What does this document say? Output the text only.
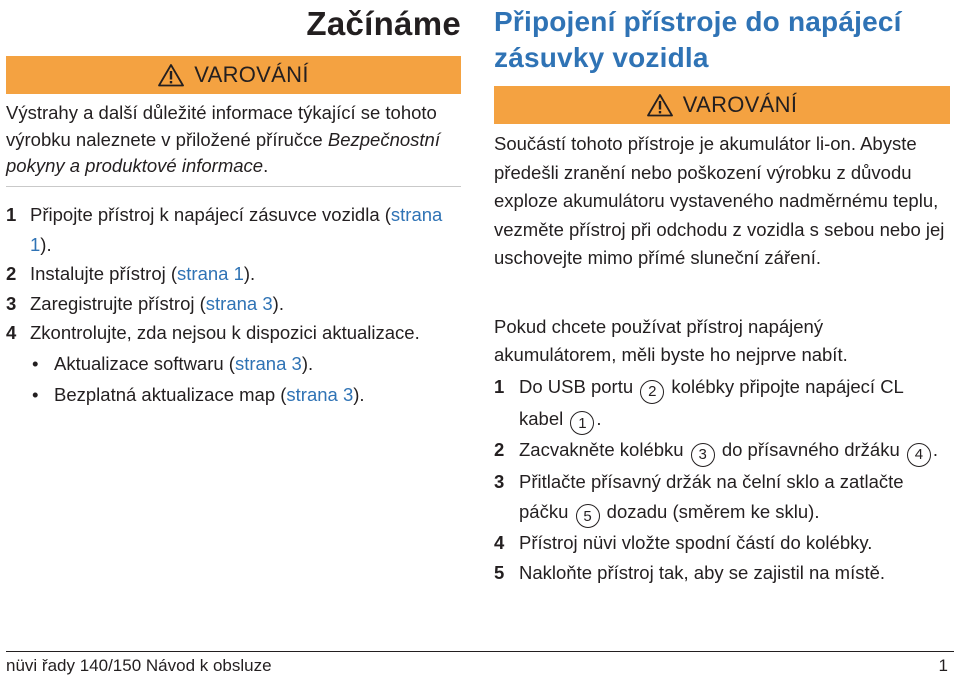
Začínáme
VAROVÁNÍ

Výstrahy a další důležité informace týkající se tohoto výrobku naleznete v přiložené příručce Bezpečnostní pokyny a produktové informace.

1 Připojte přístroj k napájecí zásuvce vozidla (strana 1).
2 Instalujte přístroj (strana 1).
3 Zaregistrujte přístroj (strana 3).
4 Zkontrolujte, zda nejsou k dispozici aktualizace.
• Aktualizace softwaru (strana 3).
• Bezplatná aktualizace map (strana 3).
Připojení přístroje do napájecí zásuvky vozidla
VAROVÁNÍ

Součástí tohoto přístroje je akumulátor li-on. Abyste předešli zranění nebo poškození výrobku z důvodu exploze akumulátoru vystaveného nadměrnému teplu, vezměte přístroj při odchodu z vozidla s sebou nebo jej uschovejte mimo přímé sluneční záření.

Pokud chcete používat přístroj napájený akumulátorem, měli byste ho nejprve nabít.

1 Do USB portu 2 kolébky připojte napájecí CL kabel 1 .
2 Zacvakněte kolébku 3 do přísavného držáku 4 .
3 Přitlačte přísavný držák na čelní sklo a zatlačte páčku 5 dozadu (směrem ke sklu).
4 Přístroj nüvi vložte spodní částí do kolébky.
5 Nakloňte přístroj tak, aby se zajistil na místě.
nüvi řady 140/150 Návod k obsluze	1
